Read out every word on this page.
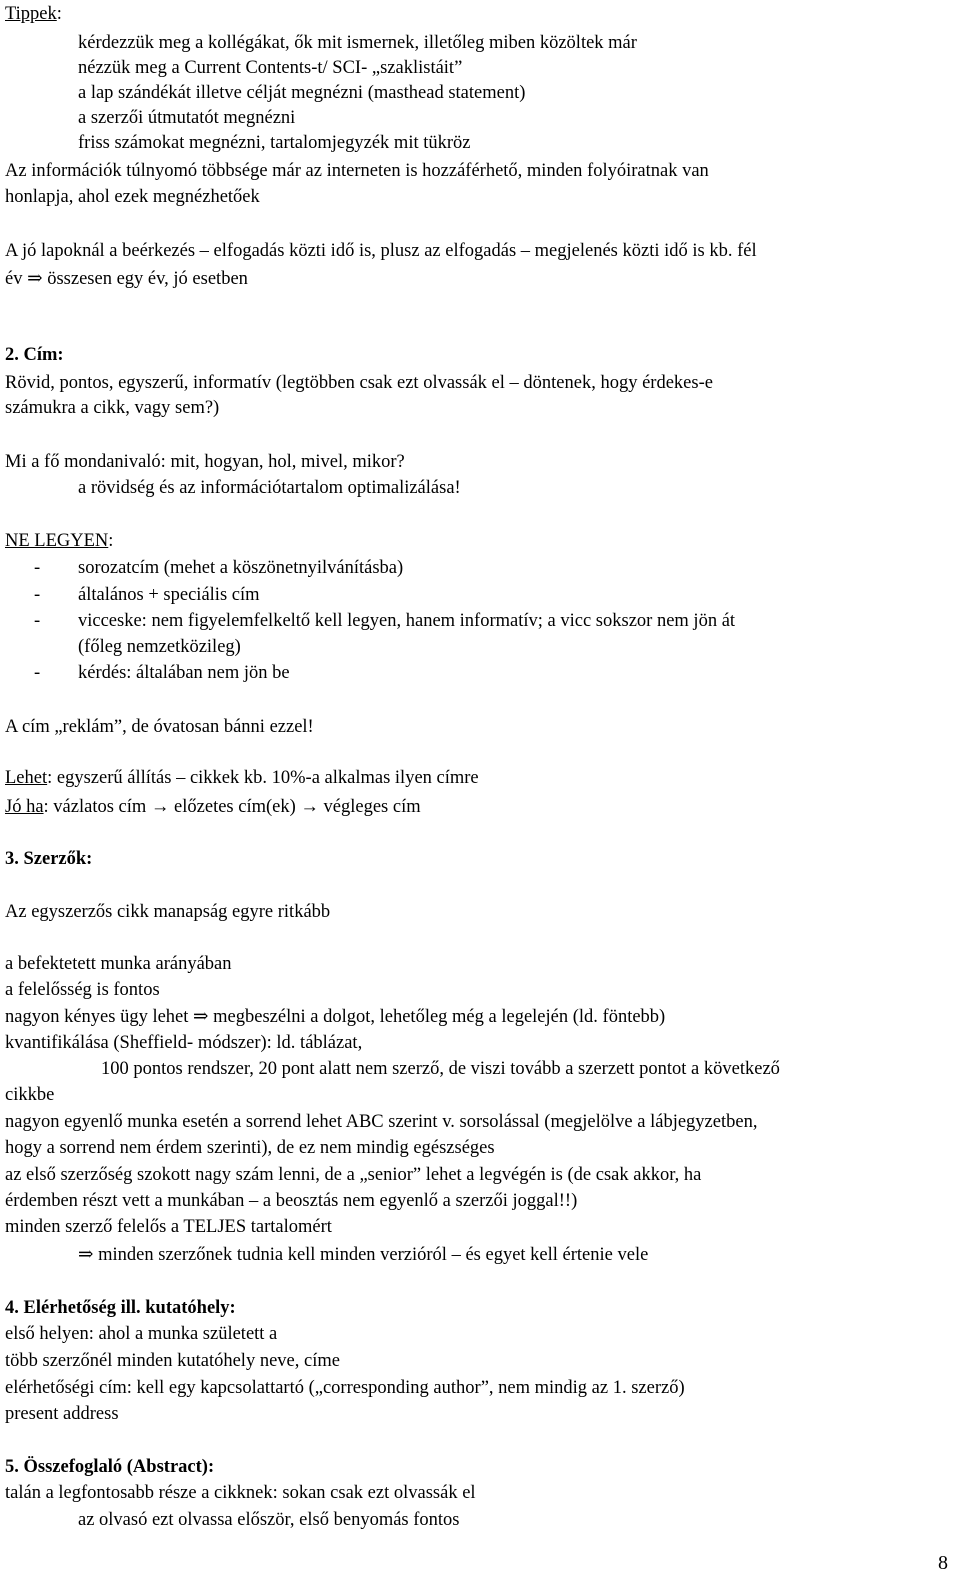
Tippek:
kérdezzük meg a kollégákat, ők mit ismernek, illetőleg miben közöltek már
nézzük meg a Current Contents-t/ SCI- „szaklistáit”
a lap szándékát illetve célját megnézni (masthead statement)
a szerzői útmutatót megnézni
friss számokat megnézni, tartalomjegyzék mit tükröz
Az információk túlnyomó többsége már az interneten is hozzáférhető, minden folyóiratnak van
honlapja, ahol ezek megnézhetőek
A jó lapoknál a beérkezés – elfogadás közti idő is, plusz az elfogadás – megjelenés közti idő is kb. fél
év ⇒ összesen egy év, jó esetben
2. Cím:
Rövid, pontos, egyszerű, informatív (legtöbben csak ezt olvassák el – döntenek, hogy érdekes-e
számukra a cikk, vagy sem?)
Mi a fő mondanivaló: mit, hogyan, hol, mivel, mikor?
a rövidség és az információtartalom optimalizálása!
NE LEGYEN:
- sorozatcím (mehet a köszönetnyilvánításba)
- általános + speciális cím
- vicceske: nem figyelemfelkeltő kell legyen, hanem informatív; a vicc sokszor nem jön át
(főleg nemzetközileg)
- kérdés: általában nem jön be
A cím „reklám”, de óvatosan bánni ezzel!
Lehet: egyszerű állítás – cikkek kb. 10%-a alkalmas ilyen címre
Jó ha: vázlatos cím → előzetes cím(ek) → végleges cím
3. Szerzők:
Az egyszerzős cikk manapság egyre ritkább
a befektetett munka arányában
a felelősség is fontos
nagyon kényes ügy lehet ⇒ megbeszélni a dolgot, lehetőleg még a legelején (ld. föntebb)
kvantifikálása (Sheffield- módszer): ld. táblázat,
100 pontos rendszer, 20 pont alatt nem szerző, de viszi tovább a szerzett pontot a következő
cikkbe
nagyon egyenlő munka esetén a sorrend lehet ABC szerint v. sorsolással (megjelölve a lábjegyzetben,
hogy a sorrend nem érdem szerinti), de ez nem mindig egészséges
az első szerzőség szokott nagy szám lenni, de a „senior” lehet a legvégén is (de csak akkor, ha
érdemben részt vett a munkában – a beosztás nem egyenlő a szerzői joggal!!)
minden szerző felelős a TELJES tartalomért
⇒ minden szerzőnek tudnia kell minden verzióról – és egyet kell értenie vele
4. Elérhetőség ill. kutatóhely:
első helyen: ahol a munka született a
több szerzőnél minden kutatóhely neve, címe
elérhetőségi cím: kell egy kapcsolattartó („corresponding author”, nem mindig az 1. szerző)
present address
5. Összefoglaló (Abstract):
talán a legfontosabb része a cikknek: sokan csak ezt olvassák el
az olvasó ezt olvassa először, első benyomás fontos
8
